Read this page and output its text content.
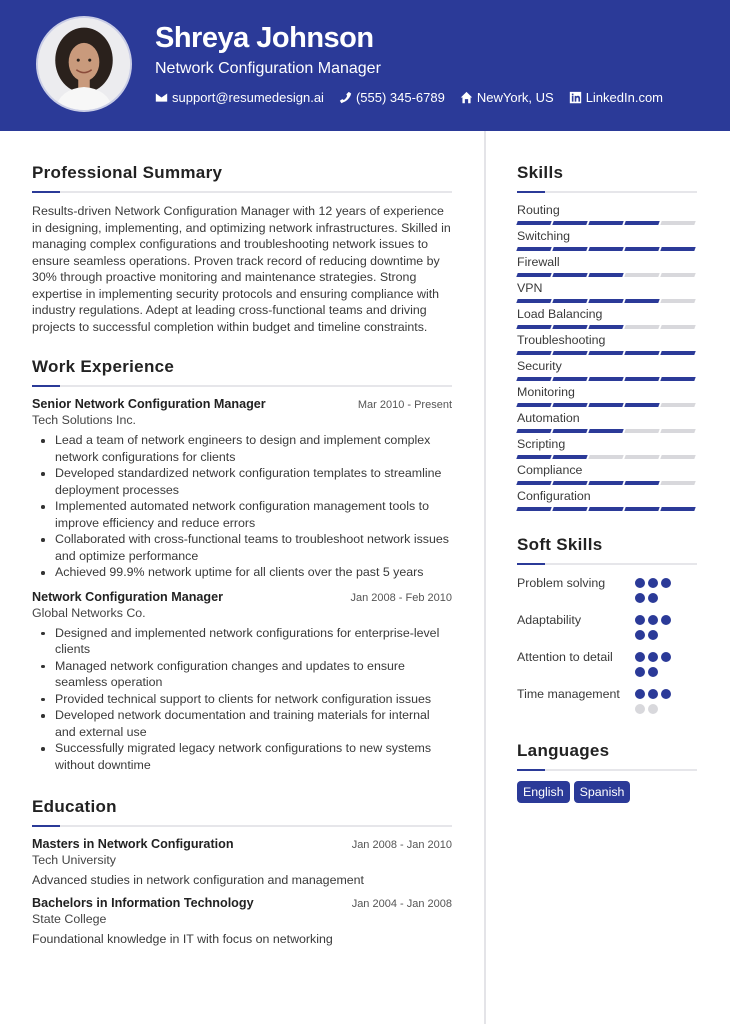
Shreya Johnson
Network Configuration Manager
support@resumedesign.ai (555) 345-6789 NewYork, US LinkedIn.com
Professional Summary

Results-driven Network Configuration Manager with 12 years of experience in designing, implementing, and optimizing network infrastructures. Skilled in managing complex configurations and troubleshooting network issues to ensure seamless operations. Proven track record of reducing downtime by 30% through proactive monitoring and maintenance strategies. Strong expertise in implementing security protocols and ensuring compliance with industry regulations. Adept at leading cross-functional teams and driving projects to successful completion within budget and timeline constraints.

Work Experience
Senior Network Configuration Manager	Mar 2010 - Present
Tech Solutions Inc.
Lead a team of network engineers to design and implement complex network configurations for clients
Developed standardized network configuration templates to streamline deployment processes
Implemented automated network configuration management tools to improve efficiency and reduce errors
Collaborated with cross-functional teams to troubleshoot network issues and optimize performance
Achieved 99.9% network uptime for all clients over the past 5 years
Network Configuration Manager	Jan 2008 - Feb 2010
Global Networks Co.
Designed and implemented network configurations for enterprise-level clients
Managed network configuration changes and updates to ensure seamless operation
Provided technical support to clients for network configuration issues
Developed network documentation and training materials for internal and external use
Successfully migrated legacy network configurations to new systems without downtime
Education
Masters in Network Configuration	Jan 2008 - Jan 2010
Tech University
Advanced studies in network configuration and management
Bachelors in Information Technology	Jan 2004 - Jan 2008
State College
Foundational knowledge in IT with focus on networking
Skills
Routing
Switching
Firewall
VPN
Load Balancing
Troubleshooting
Security
Monitoring
Automation
Scripting
Compliance
Configuration
Soft Skills
Problem solving
Adaptability
Attention to detail
Time management
Languages
English	Spanish
